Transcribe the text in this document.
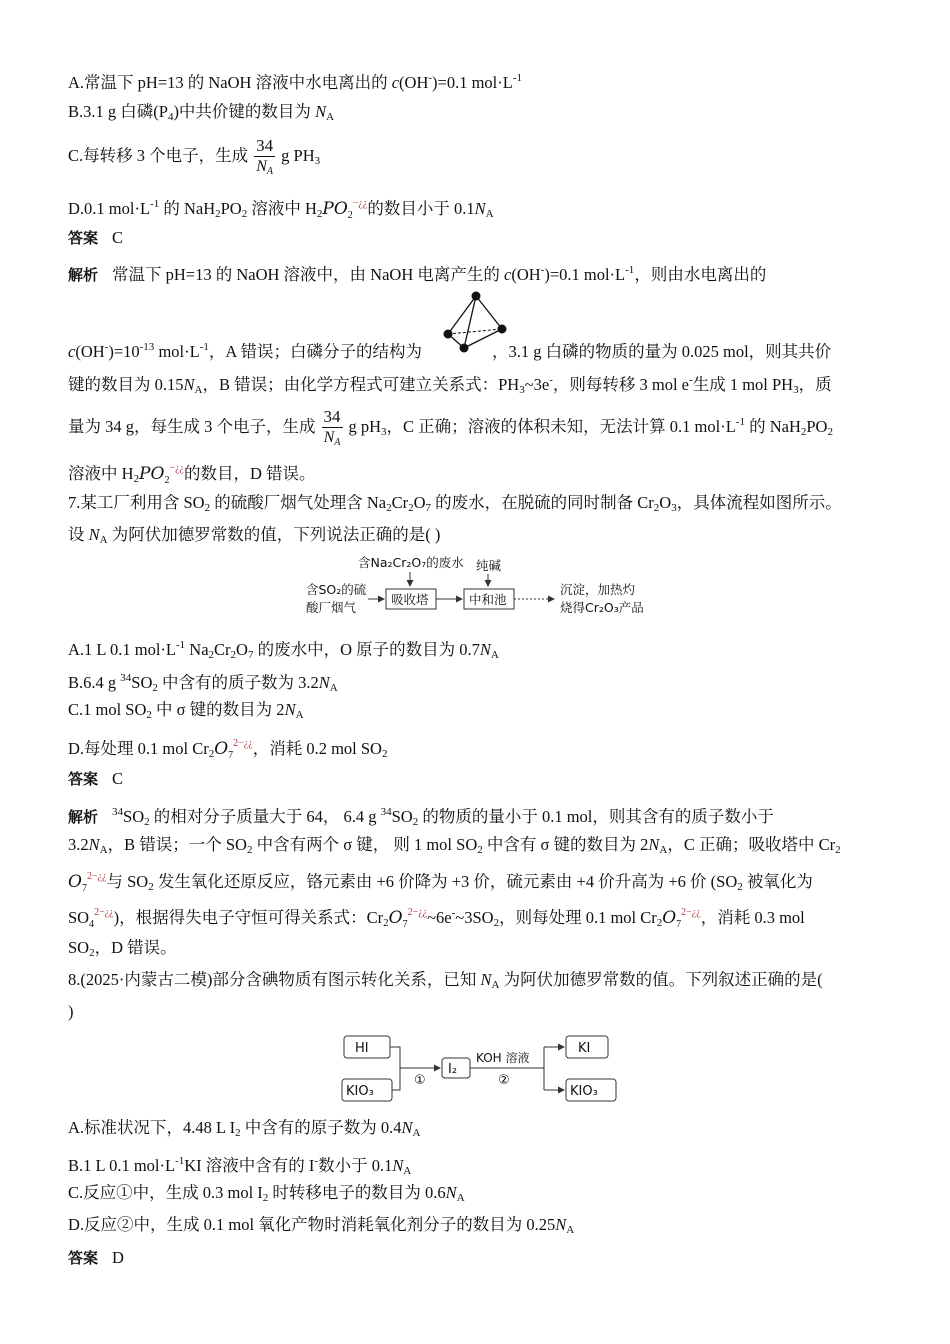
A.常温下 pH=13 的 NaOH 溶液中水电离出的 c(OH-)=0.1 $mol\cdot L^{-1}$
B.3.1 g 白磷$(P_4)$中共价键的数目为 $N_A$
C.每转移 3 个电子，生成 $\frac{34}{N_A}$ g $PH_3$
D.0.1 $mol\cdot L^{-1}$ 的 $NaH_2PO_2$ 溶液中 $H_2PO_2^{-¿¿}$的数目小于 $0.1N_A$
答案 C
解析 常温下 pH=13 的 NaOH 溶液中，由 NaOH 电离产生的 c(OH-)=0.1 $mol\cdot L^{-1}$，则由水电离出的
$c(OH^-)=10^{-13}$ $mol\cdot L^{-1}$，A 错误；白磷分子的结构为	，3.1 g 白磷的物质的量为 0.025 mol，则其共价
键的数目为 $0.15N_A$，B 错误；由化学方程式可建立关系式：$PH_3\sim 3e^-$，则每转移 3 mol e-生成 1 mol $PH_3$，质
量为 34 g，每生成 3 个电子，生成 $\frac{34}{N_A}$ g $pH_3$，C 正确；溶液的体积未知，无法计算 0.1 $mol\cdot L^{-1}$ 的 $NaH_2PO_2$
溶液中 $H_2PO_2^{-¿¿}$的数目，D 错误。
7.某工厂利用含 $SO_2$ 的硫酸厂烟气处理含 $Na_2Cr_2O_7$ 的废水，在脱硫的同时制备 $Cr_2O_3$，具体流程如图所示。
设 $N_A$ 为阿伏加德罗常数的值，下列说法正确的是( )
含Na₂Cr₂O₇的废水 纯碱
含SO₂的硫
酸厂烟气
吸收塔	中和池
沉淀，加热灼
烧得Cr₂O₃产品
A.1 L 0.1 $mol\cdot L^{-1}$ $Na_2Cr_2O_7$ 的废水中，O 原子的数目为 $0.7N_A$
B.6.4 g $^{34}SO_2$ 中含有的质子数为 $3.2N_A$
C.1 mol $SO_2$ 中 σ 键的数目为 $2N_A$
D.每处理 0.1 mol $Cr_2O_7^{2-¿¿}$，消耗 0.2 mol $SO_2$
答案 C
解析 $^{34}SO_2$ 的相对分子质量大于 64， 6.4 g $^{34}SO_2$ 的物质的量小于 0.1 mol，则其含有的质子数小于
$3.2N_A$，B 错误；一个 $SO_2$ 中含有两个 σ 键， 则 1 mol $SO_2$ 中含有 σ 键的数目为 $2N_A$，C 正确；吸收塔中 $Cr_2$
$O_7^{2-¿¿}$与 $SO_2$ 发生氧化还原反应，铬元素由 +6 价降为 +3 价，硫元素由 +4 价升高为 +6 价 ($SO_2$ 被氧化为
$SO_4^{2-¿¿}$)，根据得失电子守恒可得关系式：$Cr_2O_7^{2-¿¿}\sim 6e^-\sim 3SO_2$，则每处理 0.1 mol $Cr_2O_7^{2-¿¿}$，消耗 0.3 mol
$SO_2$，D 错误。
8.(2025·内蒙古二模)部分含碘物质有图示转化关系，已知 $N_A$ 为阿伏加德罗常数的值。下列叙述正确的是(
)
HI
KIO₃
①
I₂
KOH 溶液
②
KI
KIO₃
A.标准状况下，4.48 L $I_2$ 中含有的原子数为 $0.4N_A$
B.1 L 0.1 $mol\cdot L^{-1}KI$ 溶液中含有的 I-数小于 $0.1N_A$
C.反应①中，生成 0.3 mol $I_2$ 时转移电子的数目为 $0.6N_A$
D.反应②中，生成 0.1 mol 氧化产物时消耗氧化剂分子的数目为 $0.25N_A$
答案 D
